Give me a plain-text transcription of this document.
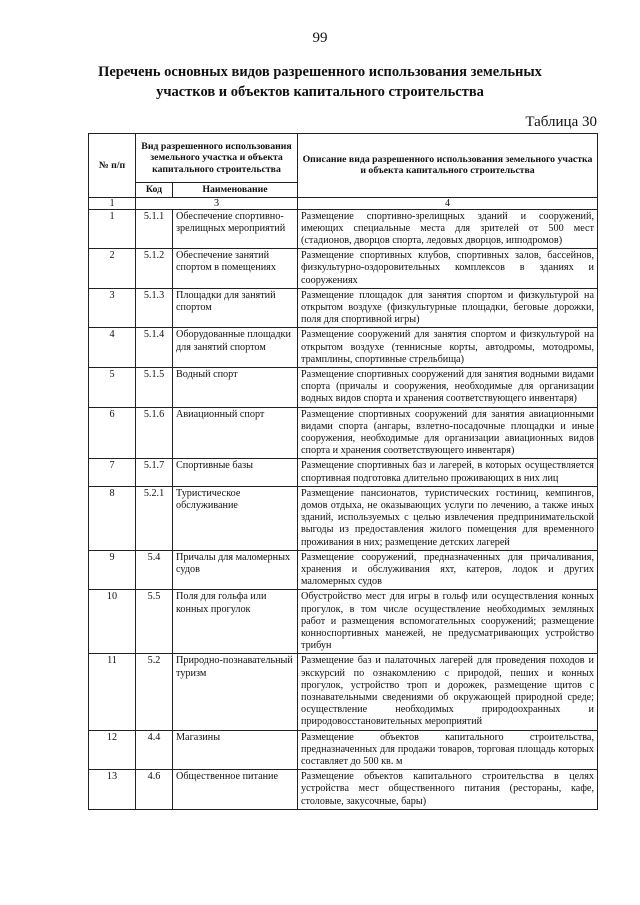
99
Перечень основных видов разрешенного использования земельных
участков и объектов капитального строительства
Таблица 30
№ п/п	Вид разрешенного использования земельного участка и объекта капитального строительства		Описание вида разрешенного использования земельного участка и объекта капитального строительства
	Код	Наименование	
1	3		4
1	5.1.1	Обеспечение спортивно-зрелищных мероприятий	Размещение спортивно-зрелищных зданий и сооружений, имеющих специальные места для зрителей от 500 мест (стадионов, дворцов спорта, ледовых дворцов, ипподромов)
2	5.1.2	Обеспечение занятий спортом в помещениях	Размещение спортивных клубов, спортивных залов, бассейнов, физкультурно-оздоровительных комплексов в зданиях и сооружениях
3	5.1.3	Площадки для занятий спортом	Размещение площадок для занятия спортом и физкультурой на открытом воздухе (физкультурные площадки, беговые дорожки, поля для спортивной игры)
4	5.1.4	Оборудованные площадки для занятий спортом	Размещение сооружений для занятия спортом и физкультурой на открытом воздухе (теннисные корты, автодромы, мотодромы, трамплины, спортивные стрельбища)
5	5.1.5	Водный спорт	Размещение спортивных сооружений для занятия водными видами спорта (причалы и сооружения, необходимые для организации водных видов спорта и хранения соответствующего инвентаря)
6	5.1.6	Авиационный спорт	Размещение спортивных сооружений для занятия авиационными видами спорта (ангары, взлетно-посадочные площадки и иные сооружения, необходимые для организации авиационных видов спорта и хранения соответствующего инвентаря)
7	5.1.7	Спортивные базы	Размещение спортивных баз и лагерей, в которых осуществляется спортивная подготовка длительно проживающих в них лиц
8	5.2.1	Туристическое обслуживание	Размещение пансионатов, туристических гостиниц, кемпингов, домов отдыха, не оказывающих услуги по лечению, а также иных зданий, используемых с целью извлечения предпринимательской выгоды из предоставления жилого помещения для временного проживания в них; размещение детских лагерей
9	5.4	Причалы для маломерных судов	Размещение сооружений, предназначенных для причаливания, хранения и обслуживания яхт, катеров, лодок и других маломерных судов
10	5.5	Поля для гольфа или конных прогулок	Обустройство мест для игры в гольф или осуществления конных прогулок, в том числе осуществление необходимых земляных работ и размещения вспомогательных сооружений; размещение конноспортивных манежей, не предусматривающих устройство трибун
11	5.2	Природно-познавательный туризм	Размещение баз и палаточных лагерей для проведения походов и экскурсий по ознакомлению с природой, пеших и конных прогулок, устройство троп и дорожек, размещение щитов с познавательными сведениями об окружающей природной среде; осуществление необходимых природоохранных и природовосстановительных мероприятий
12	4.4	Магазины	Размещение объектов капитального строительства, предназначенных для продажи товаров, торговая площадь которых составляет до 500 кв. м
13	4.6	Общественное питание	Размещение объектов капитального строительства в целях устройства мест общественного питания (рестораны, кафе, столовые, закусочные, бары)
